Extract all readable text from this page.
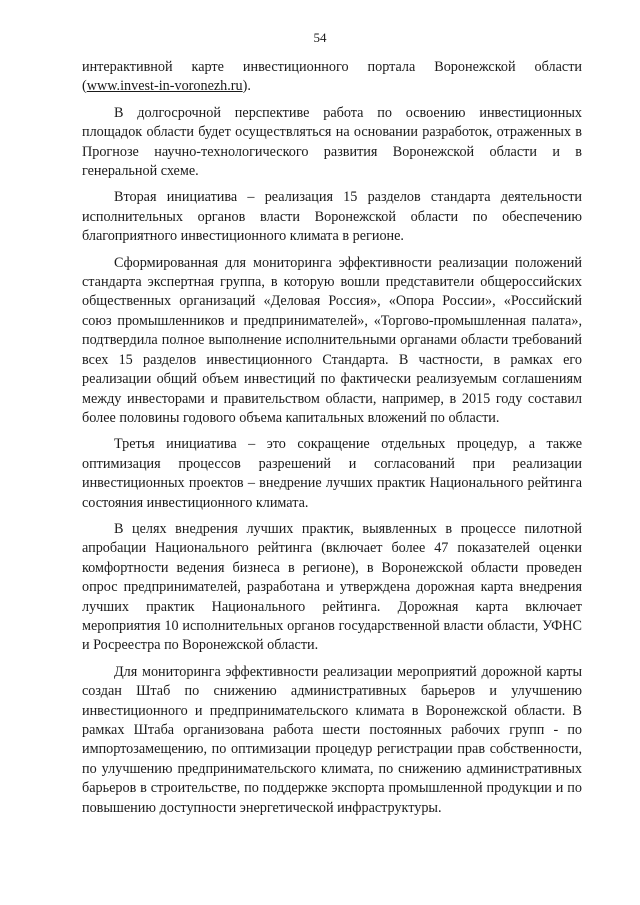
54

интерактивной карте инвестиционного портала Воронежской области (www.invest-in-voronezh.ru).

В долгосрочной перспективе работа по освоению инвестиционных площадок области будет осуществляться на основании разработок, отраженных в Прогнозе научно-технологического развития Воронежской области и в генеральной схеме.

Вторая инициатива – реализация 15 разделов стандарта деятельности исполнительных органов власти Воронежской области по обеспечению благоприятного инвестиционного климата в регионе.

Сформированная для мониторинга эффективности реализации положений стандарта экспертная группа, в которую вошли представители общероссийских общественных организаций «Деловая Россия», «Опора России», «Российский союз промышленников и предпринимателей», «Торгово-промышленная палата», подтвердила полное выполнение исполнительными органами области требований всех 15 разделов инвестиционного Стандарта. В частности, в рамках его реализации общий объем инвестиций по фактически реализуемым соглашениям между инвесторами и правительством области, например, в 2015 году составил более половины годового объема капитальных вложений по области.

Третья инициатива – это сокращение отдельных процедур, а также оптимизация процессов разрешений и согласований при реализации инвестиционных проектов – внедрение лучших практик Национального рейтинга состояния инвестиционного климата.

В целях внедрения лучших практик, выявленных в процессе пилотной апробации Национального рейтинга (включает более 47 показателей оценки комфортности ведения бизнеса в регионе), в Воронежской области проведен опрос предпринимателей, разработана и утверждена дорожная карта внедрения лучших практик Национального рейтинга. Дорожная карта включает мероприятия 10 исполнительных органов государственной власти области, УФНС и Росреестра по Воронежской области.

Для мониторинга эффективности реализации мероприятий дорожной карты создан Штаб по снижению административных барьеров и улучшению инвестиционного и предпринимательского климата в Воронежской области. В рамках Штаба организована работа шести постоянных рабочих групп - по импортозамещению, по оптимизации процедур регистрации прав собственности, по улучшению предпринимательского климата, по снижению административных барьеров в строительстве, по поддержке экспорта промышленной продукции и по повышению доступности энергетической инфраструктуры.
